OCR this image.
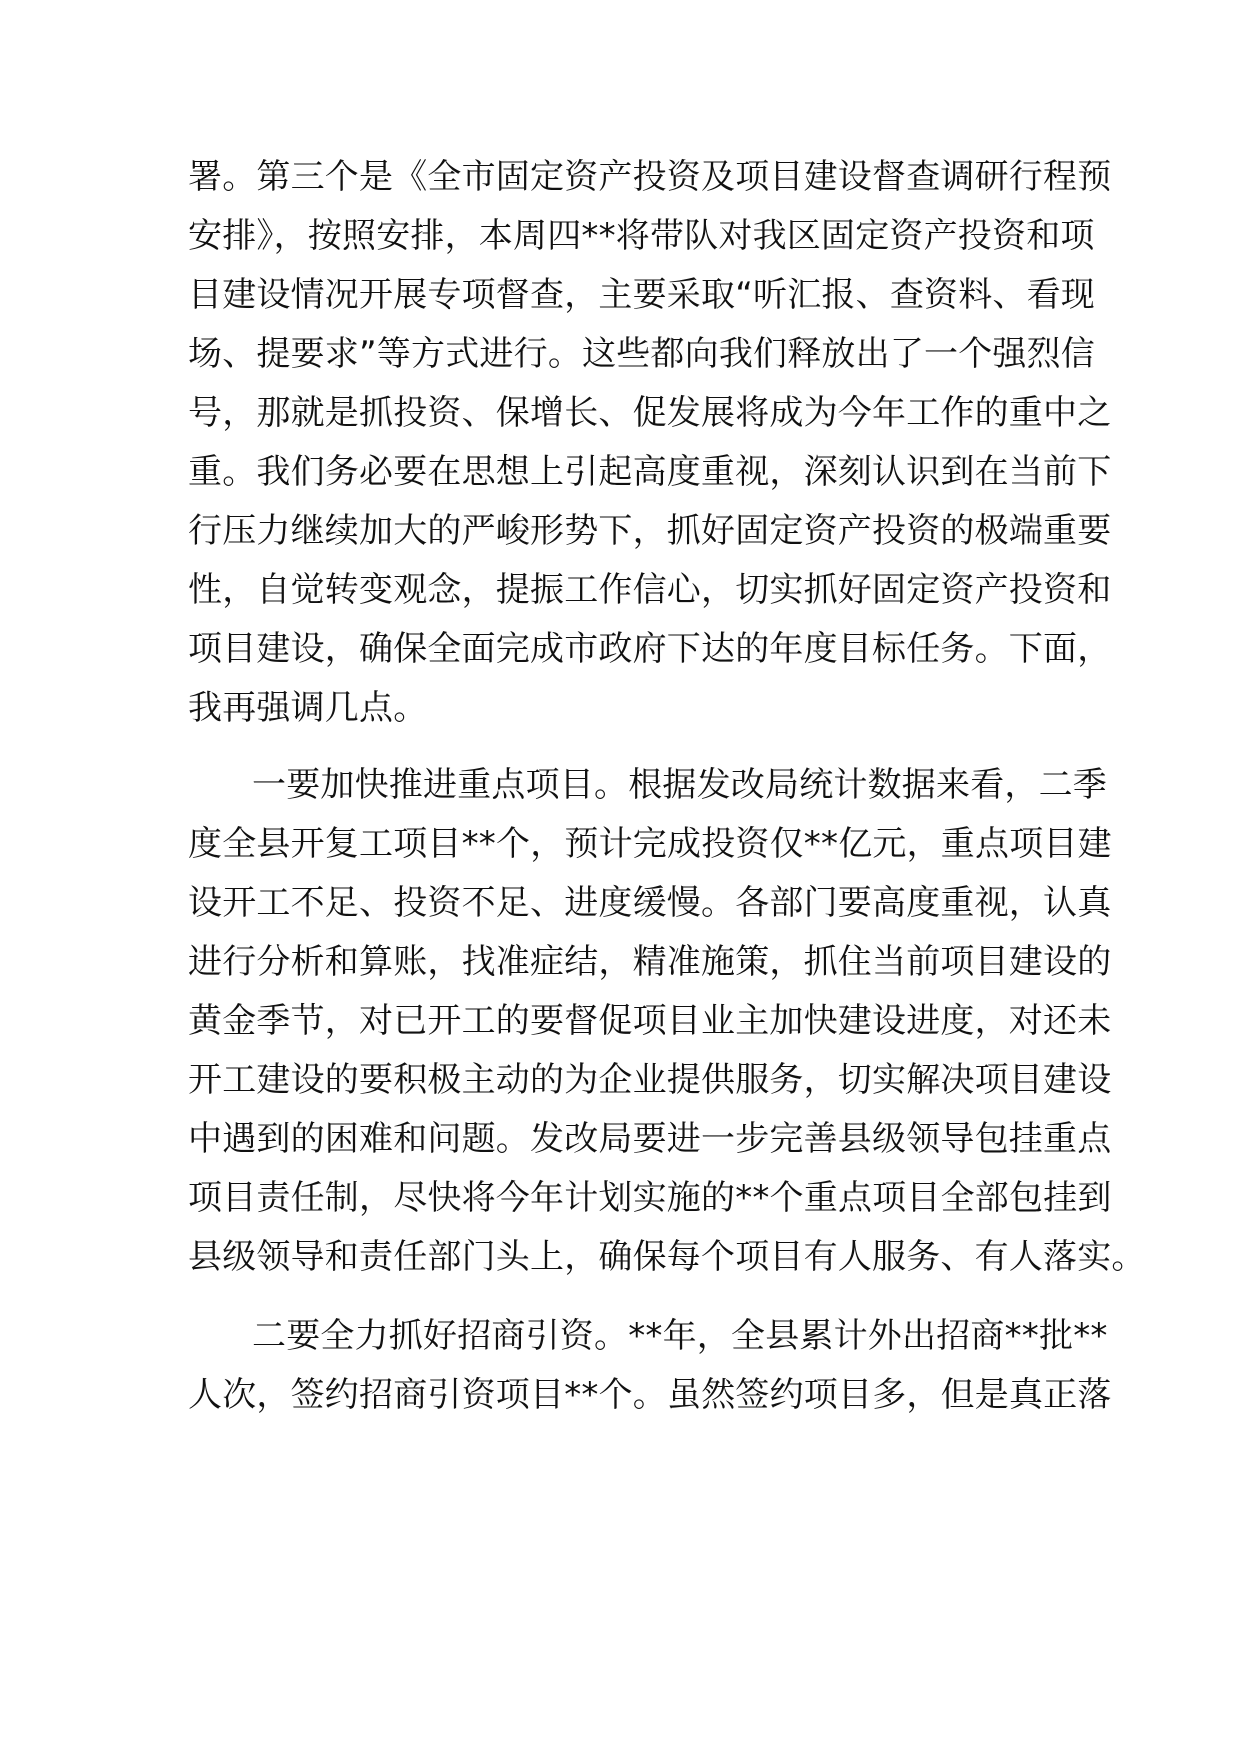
署。第三个是《全市固定资产投资及项目建设督查调研行程预
安排》，按照安排，本周四**将带队对我区固定资产投资和项
目建设情况开展专项督查，主要采取“听汇报、查资料、看现
场、提要求”等方式进行。这些都向我们释放出了一个强烈信
号，那就是抓投资、保增长、促发展将成为今年工作的重中之
重。我们务必要在思想上引起高度重视，深刻认识到在当前下
行压力继续加大的严峻形势下，抓好固定资产投资的极端重要
性，自觉转变观念，提振工作信心，切实抓好固定资产投资和
项目建设，确保全面完成市政府下达的年度目标任务。下面，
我再强调几点。
一要加快推进重点项目。根据发改局统计数据来看，二季
度全县开复工项目**个，预计完成投资仅**亿元，重点项目建
设开工不足、投资不足、进度缓慢。各部门要高度重视，认真
进行分析和算账，找准症结，精准施策，抓住当前项目建设的
黄金季节，对已开工的要督促项目业主加快建设进度，对还未
开工建设的要积极主动的为企业提供服务，切实解决项目建设
中遇到的困难和问题。发改局要进一步完善县级领导包挂重点
项目责任制，尽快将今年计划实施的**个重点项目全部包挂到
县级领导和责任部门头上，确保每个项目有人服务、有人落实。
二要全力抓好招商引资。**年，全县累计外出招商**批**
人次，签约招商引资项目**个。虽然签约项目多，但是真正落
